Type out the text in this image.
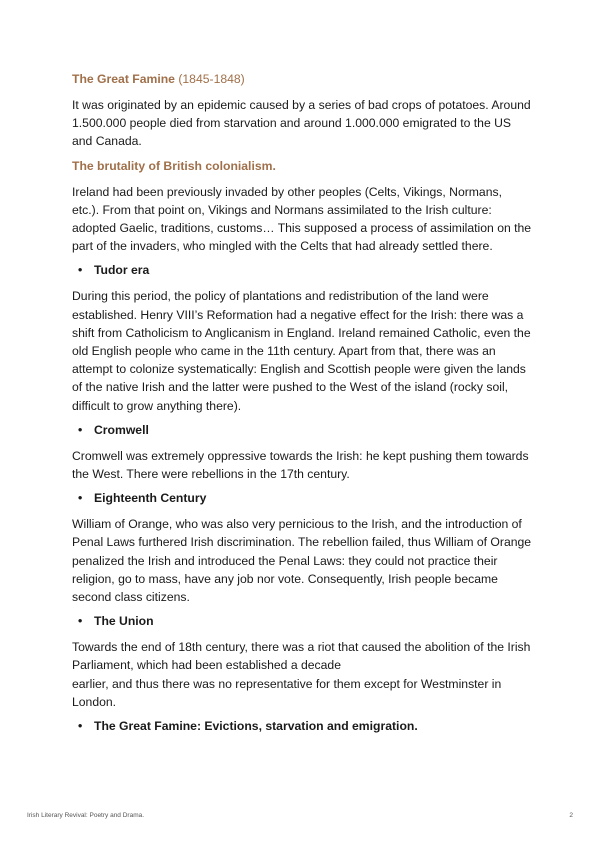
The Great Famine (1845-1848)

It was originated by an epidemic caused by a series of bad crops of potatoes. Around 1.500.000 people died from starvation and around 1.000.000 emigrated to the US and Canada.

The brutality of British colonialism.

Ireland had been previously invaded by other peoples (Celts, Vikings, Normans, etc.). From that point on, Vikings and Normans assimilated to the Irish culture: adopted Gaelic, traditions, customs… This supposed a process of assimilation on the part of the invaders, who mingled with the Celts that had already settled there.

• Tudor era

During this period, the policy of plantations and redistribution of the land were established. Henry VIII’s Reformation had a negative effect for the Irish: there was a shift from Catholicism to Anglicanism in England. Ireland remained Catholic, even the old English people who came in the 11th century. Apart from that, there was an attempt to colonize systematically: English and Scottish people were given the lands of the native Irish and the latter were pushed to the West of the island (rocky soil, difficult to grow anything there).

• Cromwell

Cromwell was extremely oppressive towards the Irish: he kept pushing them towards the West. There were rebellions in the 17th century.

• Eighteenth Century

William of Orange, who was also very pernicious to the Irish, and the introduction of Penal Laws furthered Irish discrimination. The rebellion failed, thus William of Orange penalized the Irish and introduced the Penal Laws: they could not practice their religion, go to mass, have any job nor vote. Consequently, Irish people became second class citizens.

• The Union

Towards the end of 18th century, there was a riot that caused the abolition of the Irish Parliament, which had been established a decade
earlier, and thus there was no representative for them except for Westminster in London.

• The Great Famine: Evictions, starvation and emigration.
Irish Literary Revival: Poetry and Drama.	2
